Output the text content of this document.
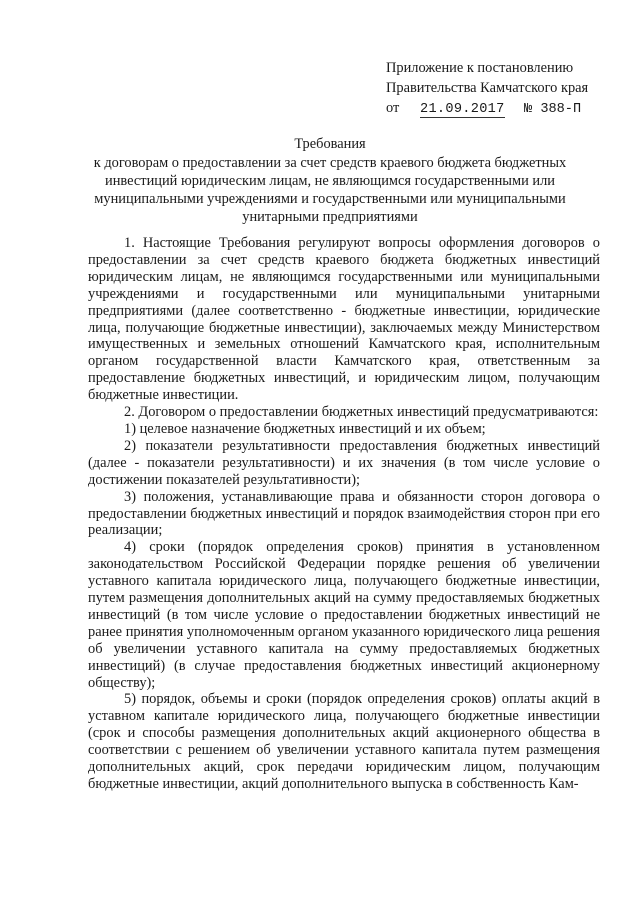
Приложение к постановлению
Правительства Камчатского края
от	21.09.2017	№ 388-П
Требования
к договорам о предоставлении за счет средств краевого бюджета бюджетных инвестиций юридическим лицам, не являющимся государственными или муниципальными учреждениями и государственными или муниципальными унитарными предприятиями

1. Настоящие Требования регулируют вопросы оформления договоров о предоставлении за счет средств краевого бюджета бюджетных инвестиций юридическим лицам, не являющимся государственными или муниципальными учреждениями и государственными или муниципальными унитарными предприятиями (далее соответственно - бюджетные инвестиции, юридические лица, получающие бюджетные инвестиции), заключаемых между Министерством имущественных и земельных отношений Камчатского края, исполнительным органом государственной власти Камчатского края, ответственным за предоставление бюджетных инвестиций, и юридическим лицом, получающим бюджетные инвестиции.

2. Договором о предоставлении бюджетных инвестиций предусматриваются:

1) целевое назначение бюджетных инвестиций и их объем;

2) показатели результативности предоставления бюджетных инвестиций (далее - показатели результативности) и их значения (в том числе условие о достижении показателей результативности);

3) положения, устанавливающие права и обязанности сторон договора о предоставлении бюджетных инвестиций и порядок взаимодействия сторон при его реализации;

4) сроки (порядок определения сроков) принятия в установленном законодательством Российской Федерации порядке решения об увеличении уставного капитала юридического лица, получающего бюджетные инвестиции, путем размещения дополнительных акций на сумму предоставляемых бюджетных инвестиций (в том числе условие о предоставлении бюджетных инвестиций не ранее принятия уполномоченным органом указанного юридического лица решения об увеличении уставного капитала на сумму предоставляемых бюджетных инвестиций) (в случае предоставления бюджетных инвестиций акционерному обществу);

5) порядок, объемы и сроки (порядок определения сроков) оплаты акций в уставном капитале юридического лица, получающего бюджетные инвестиции (срок и способы размещения дополнительных акций акционерного общества в соответствии с решением об увеличении уставного капитала путем размещения дополнительных акций, срок передачи юридическим лицом, получающим бюджетные инвестиции, акций дополнительного выпуска в собственность Кам-
